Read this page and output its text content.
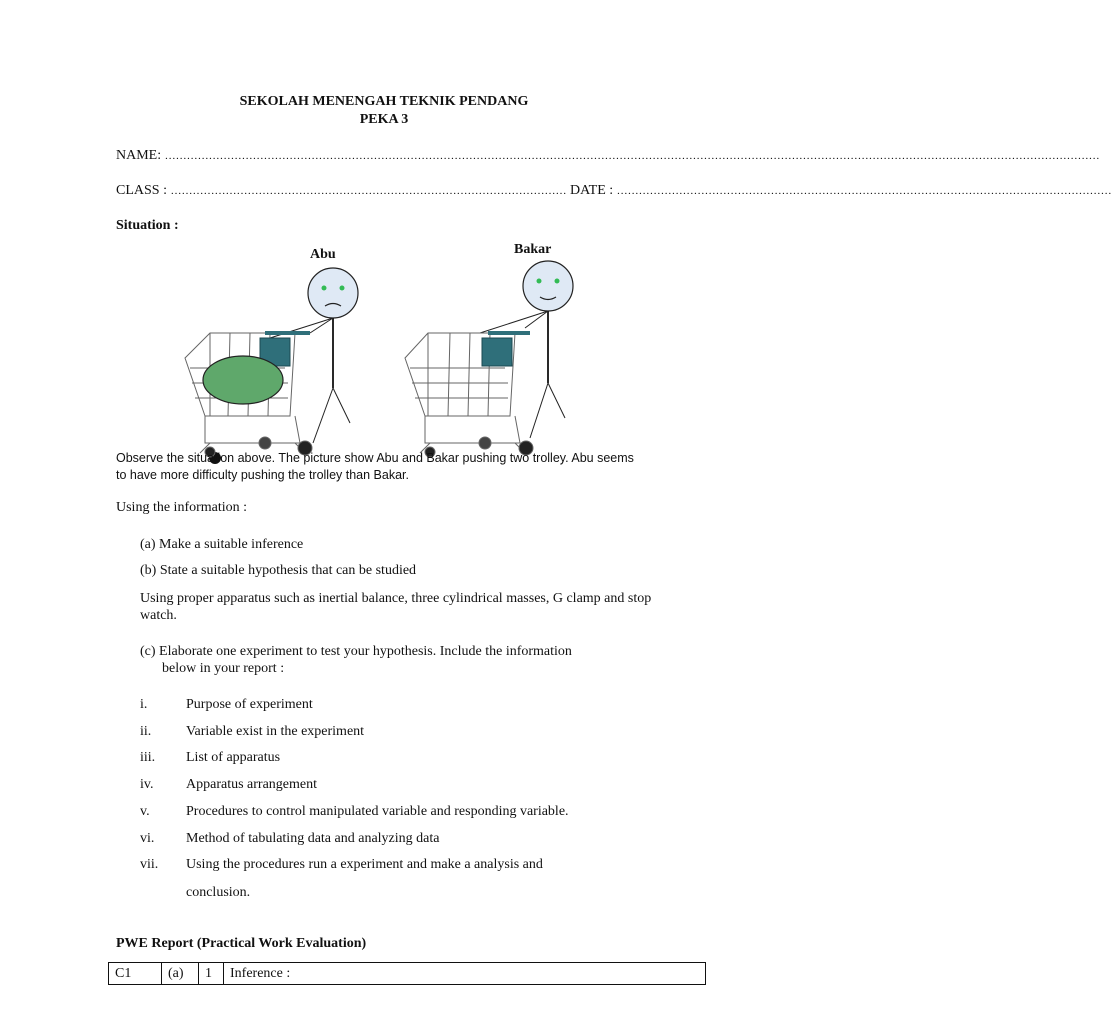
SEKOLAH MENENGAH TEKNIK PENDANG
PEKA 3
NAME: …………………………………………………………………………………………………………………………………………………………………………………………………………………………………
CLASS : ……………………………………………………………………………………………… DATE : ………………………………………………………………………………………………………………………
Situation :
Abu	Bakar
Observe the situation above. The picture show Abu and Bakar pushing two trolley. Abu seems to have more difficulty pushing the trolley than Bakar.
Using the information :
(a) Make a suitable inference
(b) State a suitable hypothesis that can be studied
Using proper apparatus such as inertial balance, three cylindrical masses, G clamp and stop watch.
(c) Elaborate one experiment to test your hypothesis. Include the information
below in your report :
i.	Purpose of experiment
ii. Variable exist in the experiment
iii. List of apparatus
iv. Apparatus arrangement
v.	Procedures to control manipulated variable and responding variable.
vi. Method of tabulating data and analyzing data
vii. Using the procedures run a experiment and make a analysis and
conclusion.
PWE Report (Practical Work Evaluation)
C1	(a)	1	Inference :
